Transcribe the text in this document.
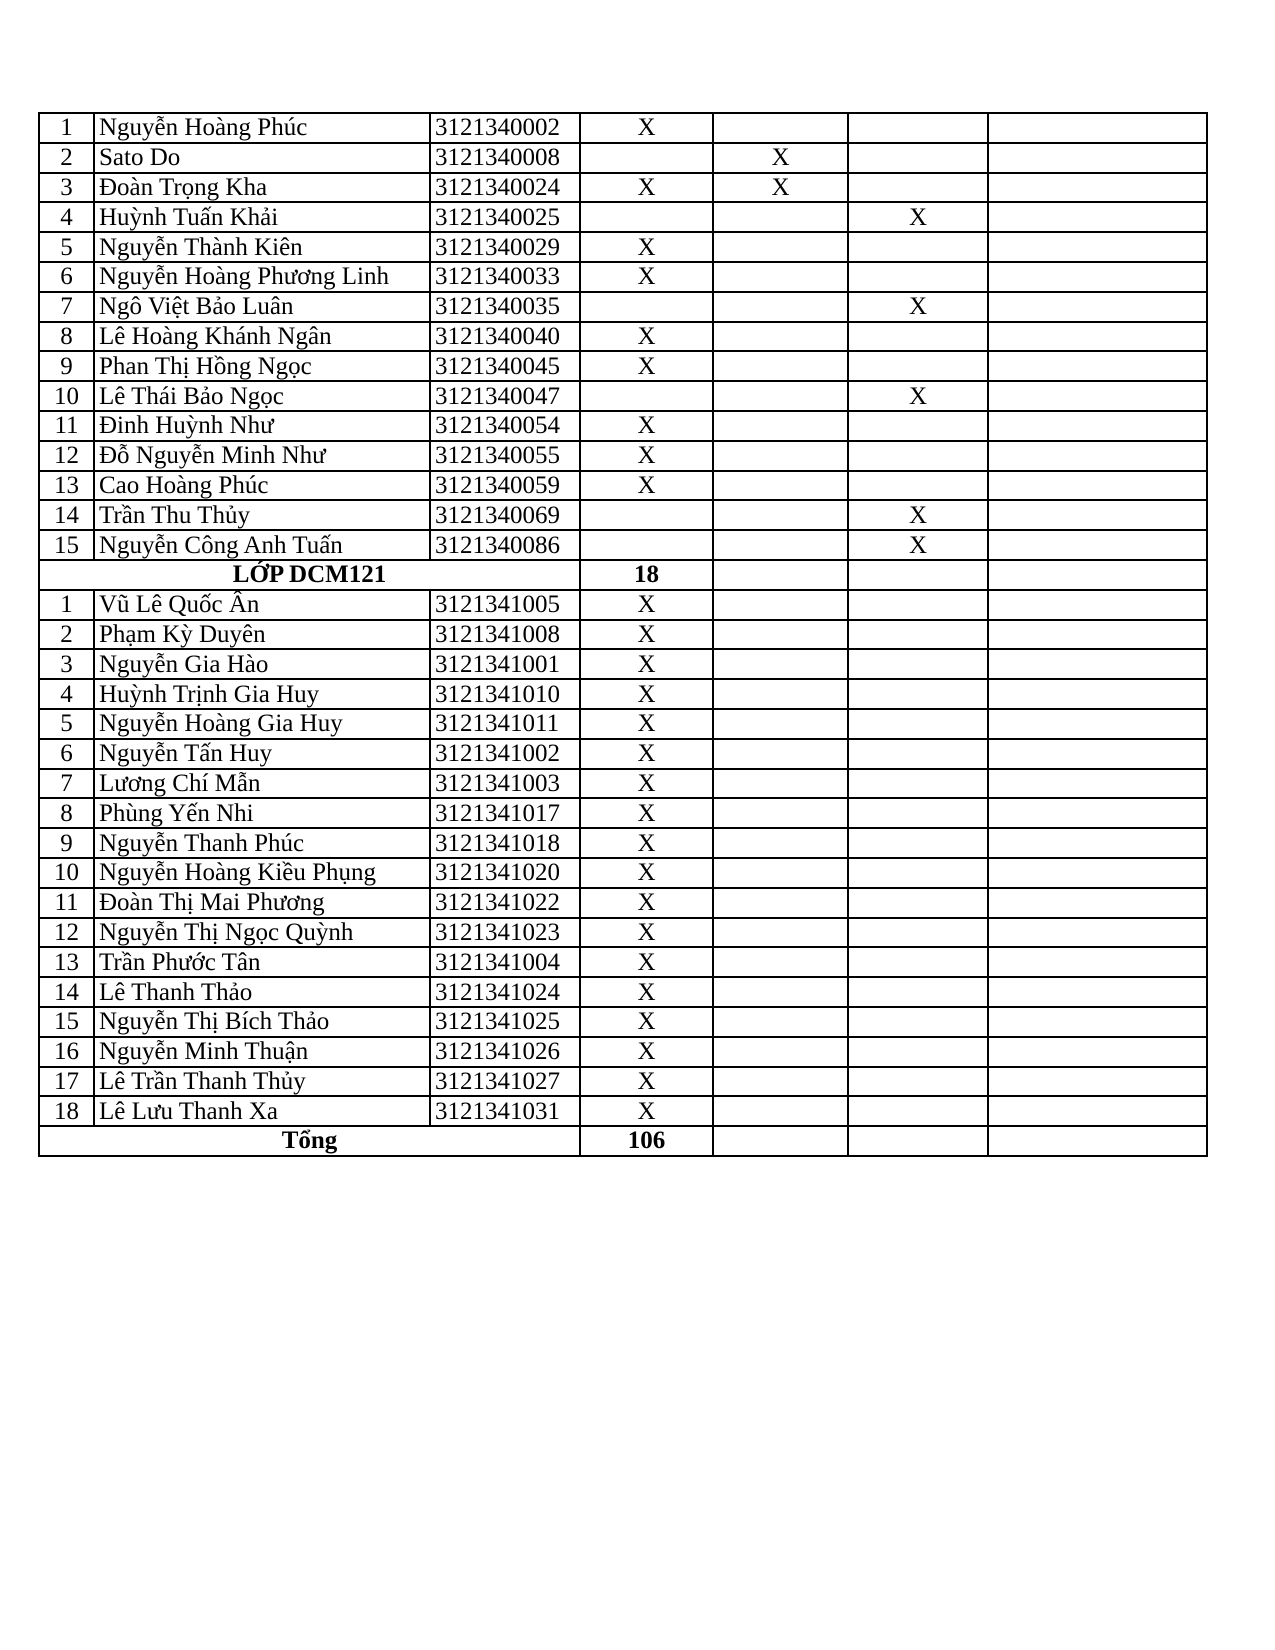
1	Nguyễn Hoàng Phúc	3121340002	X			
2	Sato Do	3121340008		X		
3	Đoàn Trọng Kha	3121340024	X	X		
4	Huỳnh Tuấn Khải	3121340025			X	
5	Nguyễn Thành Kiên	3121340029	X			
6	Nguyễn Hoàng Phương Linh	3121340033	X			
7	Ngô Việt Bảo Luân	3121340035			X	
8	Lê Hoàng Khánh Ngân	3121340040	X			
9	Phan Thị Hồng Ngọc	3121340045	X			
10	Lê Thái Bảo Ngọc	3121340047			X	
11	Đinh Huỳnh Như	3121340054	X			
12	Đỗ Nguyễn Minh Như	3121340055	X			
13	Cao Hoàng Phúc	3121340059	X			
14	Trần Thu Thủy	3121340069			X	
15	Nguyễn Công Anh Tuấn	3121340086			X	
LỚP DCM121			18			
1	Vũ Lê Quốc Ân	3121341005	X			
2	Phạm Kỳ Duyên	3121341008	X			
3	Nguyễn Gia Hào	3121341001	X			
4	Huỳnh Trịnh Gia Huy	3121341010	X			
5	Nguyễn Hoàng Gia Huy	3121341011	X			
6	Nguyễn Tấn Huy	3121341002	X			
7	Lương Chí Mẫn	3121341003	X			
8	Phùng Yến Nhi	3121341017	X			
9	Nguyễn Thanh Phúc	3121341018	X			
10	Nguyễn Hoàng Kiều Phụng	3121341020	X			
11	Đoàn Thị Mai Phương	3121341022	X			
12	Nguyễn Thị Ngọc Quỳnh	3121341023	X			
13	Trần Phước Tân	3121341004	X			
14	Lê Thanh Thảo	3121341024	X			
15	Nguyễn Thị Bích Thảo	3121341025	X			
16	Nguyễn Minh Thuận	3121341026	X			
17	Lê Trần Thanh Thủy	3121341027	X			
18	Lê Lưu Thanh Xa	3121341031	X			
Tổng			106			
